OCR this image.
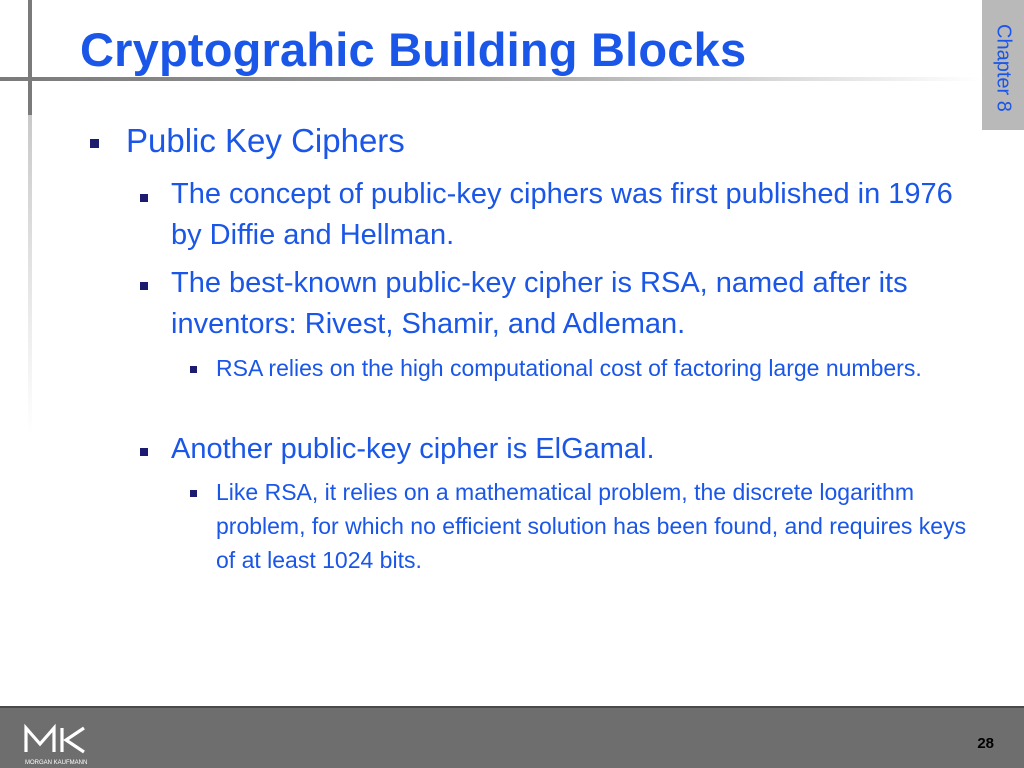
Cryptograhic Building Blocks	Chapter 8

Public Key Ciphers

The concept of public-key ciphers was first published in 1976 by Diffie and Hellman.

The best-known public-key cipher is RSA, named after its inventors: Rivest, Shamir, and Adleman.

RSA relies on the high computational cost of factoring large numbers.

Another public-key cipher is ElGamal.

Like RSA, it relies on a mathematical problem, the discrete logarithm problem, for which no efficient solution has been found, and requires keys of at least 1024 bits.

MORGAN KAUFMANN
28
